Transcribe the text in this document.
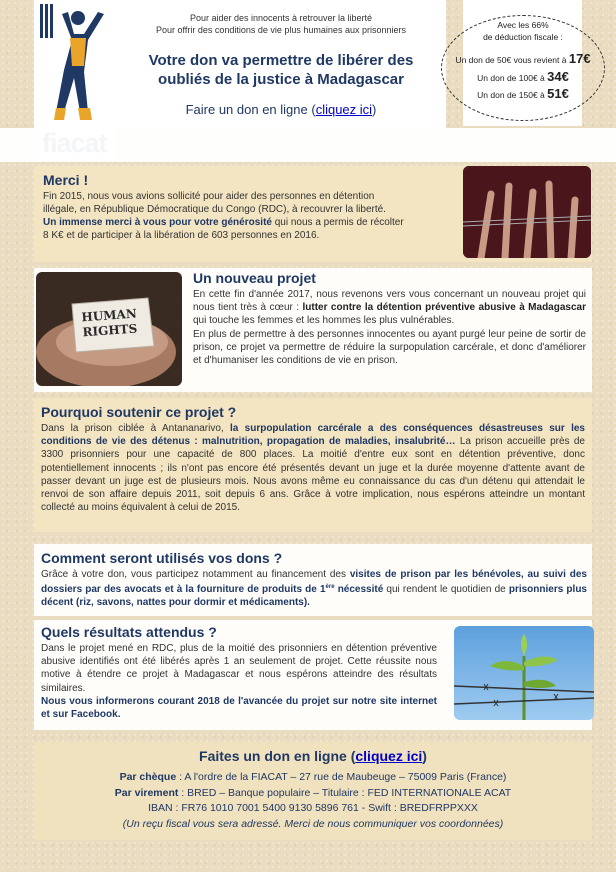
Pour aider des innocents à retrouver la liberté
Pour offrir des conditions de vie plus humaines aux prisonniers
Votre don va permettre de libérer des
oubliés de la justice à Madagascar
Faire un don en ligne (cliquez ici)
Avec les 66%
de déduction fiscale :
Un don de 50€ vous revient à 17€
Un don de 100€ à 34€
Un don de 150€ à 51€
Merci !
Fin 2015, nous vous avions sollicité pour aider des personnes en détention
illégale, en République Démocratique du Congo (RDC), à recouvrer la liberté.
Un immense merci à vous pour votre générosité qui nous a permis de récolter
8 K€ et de participer à la libération de 603 personnes en 2016.
HUMAN RIGHTS
Un nouveau projet
En cette fin d'année 2017, nous revenons vers vous concernant un nouveau projet qui nous tient très à cœur : lutter contre la détention préventive abusive à Madagascar qui touche les femmes et les hommes les plus vulnérables.
En plus de permettre à des personnes innocentes ou ayant purgé leur peine de sortir de prison, ce projet va permettre de réduire la surpopulation carcérale, et donc d'améliorer et d'humaniser les conditions de vie en prison.
Pourquoi soutenir ce projet ?
Dans la prison ciblée à Antananarivo, la surpopulation carcérale a des conséquences désastreuses sur les conditions de vie des détenus : malnutrition, propagation de maladies, insalubrité… La prison accueille près de 3300 prisonniers pour une capacité de 800 places. La moitié d'entre eux sont en détention préventive, donc potentiellement innocents ; ils n'ont pas encore été présentés devant un juge et la durée moyenne d'attente avant de passer devant un juge est de plusieurs mois. Nous avons même eu connaissance du cas d'un détenu qui attendait le renvoi de son affaire depuis 2011, soit depuis 6 ans. Grâce à votre implication, nous espérons atteindre un montant collecté au moins équivalent à celui de 2015.
Comment seront utilisés vos dons ?
Grâce à votre don, vous participez notamment au financement des visites de prison par les bénévoles, au suivi des dossiers par des avocats et à la fourniture de produits de 1ère nécessité qui rendent le quotidien de prisonniers plus décent (riz, savons, nattes pour dormir et médicaments).
Quels résultats attendus ?
Dans le projet mené en RDC, plus de la moitié des prisonniers en détention préventive abusive identifiés ont été libérés après 1 an seulement de projet. Cette réussite nous motive à étendre ce projet à Madagascar et nous espérons atteindre des résultats similaires.
Nous vous informerons courant 2018 de l'avancée du projet sur notre site internet et sur Facebook.
Faites un don en ligne (cliquez ici)
Par chèque : A l'ordre de la FIACAT – 27 rue de Maubeuge – 75009 Paris (France)
Par virement : BRED – Banque populaire – Titulaire : FED INTERNATIONALE ACAT
IBAN : FR76 1010 7001 5400 9130 5896 761 - Swift : BREDFRPPXXX
(Un reçu fiscal vous sera adressé. Merci de nous communiquer vos coordonnées)
